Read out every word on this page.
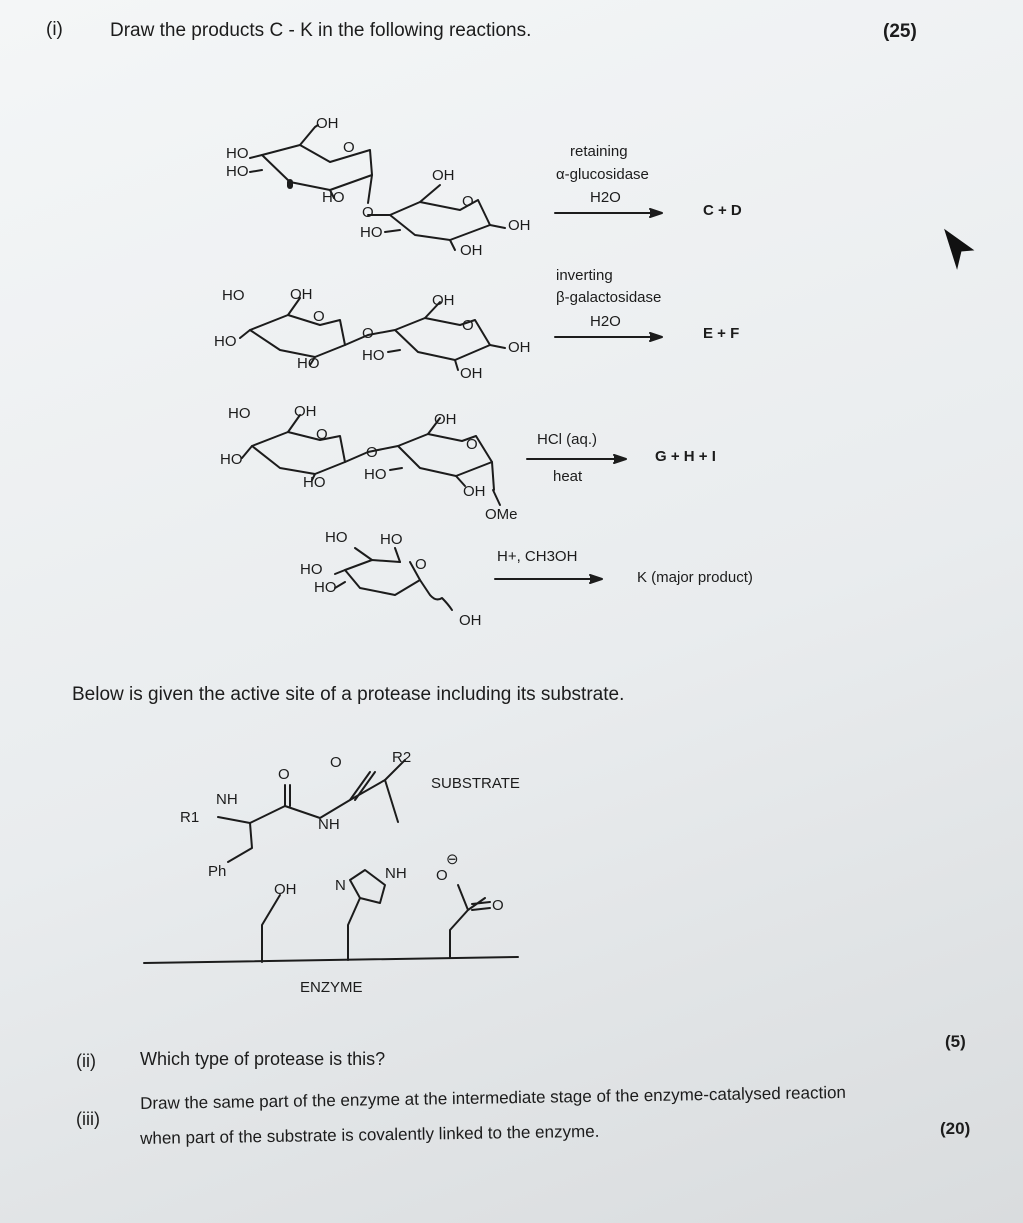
(i) Draw the products C - K in the following reactions.	(25)
OH
HO
HO
O
HO
O
OH
O
HO	OH
OH
retaining
α-glucosidase
H2O
C + D
HO	OH
HO
O
HO
O
HO
OH
O
OH
OH
inverting
β-galactosidase
H2O
E + F
HO	OH
HO
O
HO
O
HO
OH
O
OH
OMe
HCl (aq.)
heat
G + H + I
HO HO
HO
HO
O
OH
H+, CH3OH
K (major product)
Below is given the active site of a protease including its substrate.
R1
NH
O
NH
O	R2
SUBSTRATE
Ph
OH	N
NH
⊖
O
O
ENZYME
(ii) Which type of protease is this?
(5)
(iii)
Draw the same part of the enzyme at the intermediate stage of the enzyme-catalysed reaction
when part of the substrate is covalently linked to the enzyme.	(20)
